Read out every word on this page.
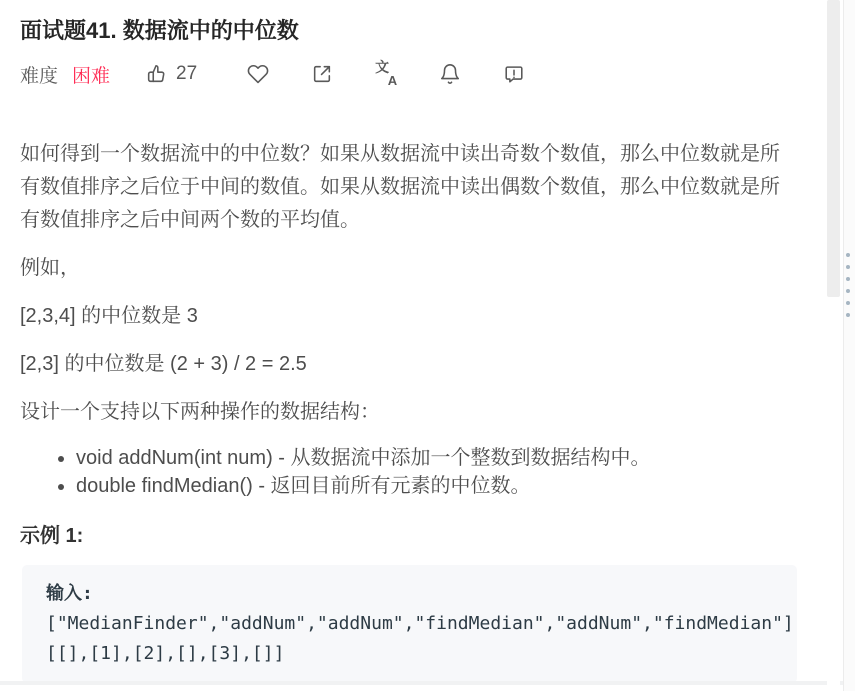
面试题41. 数据流中的中位数
难度 困难	27	文
A

如何得到一个数据流中的中位数？如果从数据流中读出奇数个数值，那么中位数就是所有数值排序之后位于中间的数值。如果从数据流中读出偶数个数值，那么中位数就是所有数值排序之后中间两个数的平均值。

例如，

[2,3,4] 的中位数是 3

[2,3] 的中位数是 (2 + 3) / 2 = 2.5

设计一个支持以下两种操作的数据结构：

• void addNum(int num) - 从数据流中添加一个整数到数据结构中。
• double findMedian() - 返回目前所有元素的中位数。

示例 1:

输入:
["MedianFinder","addNum","addNum","findMedian","addNum","findMedian"]
[[],[1],[2],[],[3],[]]
